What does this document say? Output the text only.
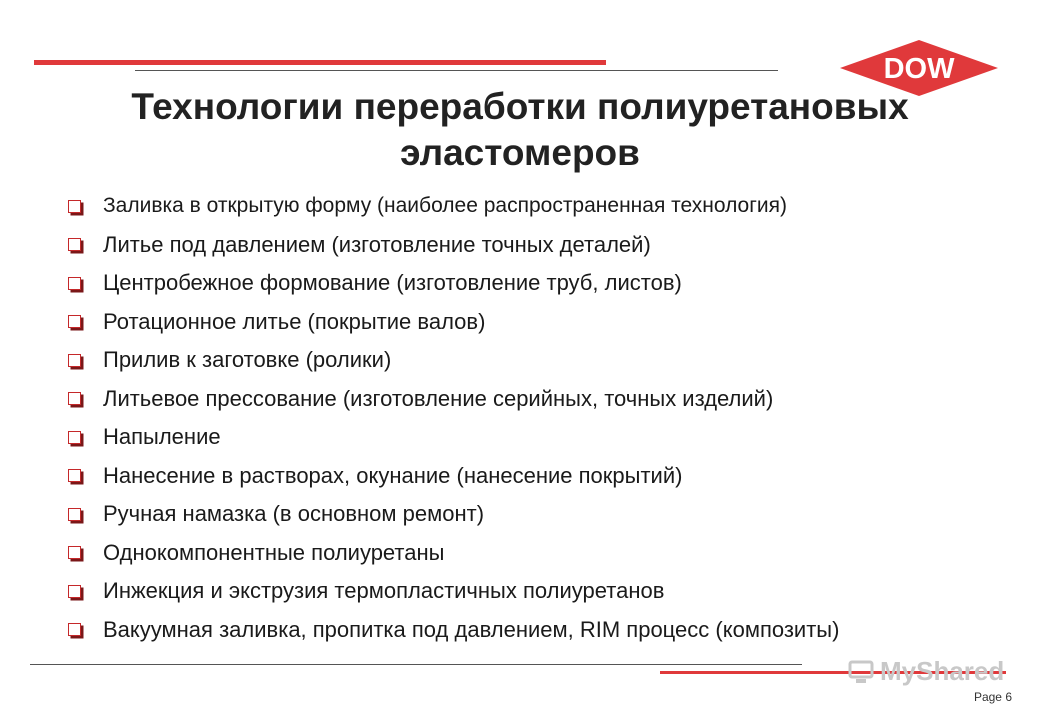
DOW
Технологии переработки полиуретановых
эластомеров
Заливка в открытую форму (наиболее распространенная технология)
Литье под давлением (изготовление точных деталей)
Центробежное формование (изготовление труб, листов)
Ротационное литье (покрытие валов)
Прилив к заготовке (ролики)
Литьевое прессование (изготовление серийных, точных изделий)
Напыление
Нанесение в растворах, окунание (нанесение покрытий)
Ручная намазка (в основном ремонт)
Однокомпонентные полиуретаны
Инжекция и экструзия термопластичных полиуретанов
Вакуумная заливка, пропитка под давлением, RIM процесс (композиты)
MyShared
Page 6
